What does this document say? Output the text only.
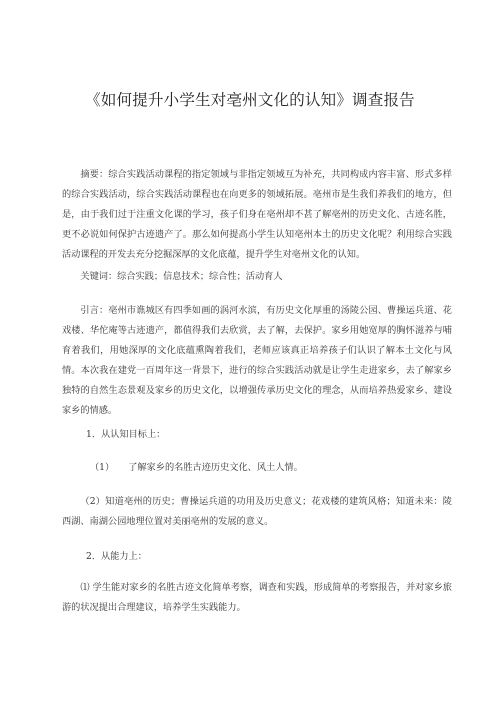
《如何提升小学生对亳州文化的认知》调查报告

摘要：综合实践活动课程的指定领域与非指定领域互为补充，共同构成内容丰富、形式多样的综合实践活动，综合实践活动课程也在向更多的领域拓展。亳州市是生我们养我们的地方，但是，由于我们过于注重文化课的学习，孩子们身在亳州却不甚了解亳州的历史文化、古迹名胜，更不必说如何保护古迹遗产了。那么如何提高小学生认知亳州本土的历史文化呢？利用综合实践活动课程的开发去充分挖掘深厚的文化底蕴，提升学生对亳州文化的认知。

关键词：综合实践；信息技术；综合性；活动育人

引言：亳州市谯城区有四季如画的涡河水滨，有历史文化厚重的汤陵公园、曹操运兵道、花戏楼、华佗庵等古迹遗产，都值得我们去欣赏，去了解，去保护。家乡用她宽厚的胸怀滋养与哺育着我们，用她深厚的文化底蕴熏陶着我们，老师应该真正培养孩子们认识了解本土文化与风情。本次我在建党一百周年这一背景下，进行的综合实践活动就是让学生走进家乡，去了解家乡独特的自然生态景观及家乡的历史文化，以增强传承历史文化的理念，从而培养热爱家乡、建设家乡的情感。

1．从认知目标上：

（1） 了解家乡的名胜古迹历史文化、风土人情。

（2）知道亳州的历史；曹操运兵道的功用及历史意义；花戏楼的建筑风格；知道未来：陵西湖、南湖公园地理位置对美丽亳州的发展的意义。

2．从能力上：

⑴ 学生能对家乡的名胜古迹文化简单考察，调查和实践，形成简单的考察报告，并对家乡旅游的状况提出合理建议，培养学生实践能力。
